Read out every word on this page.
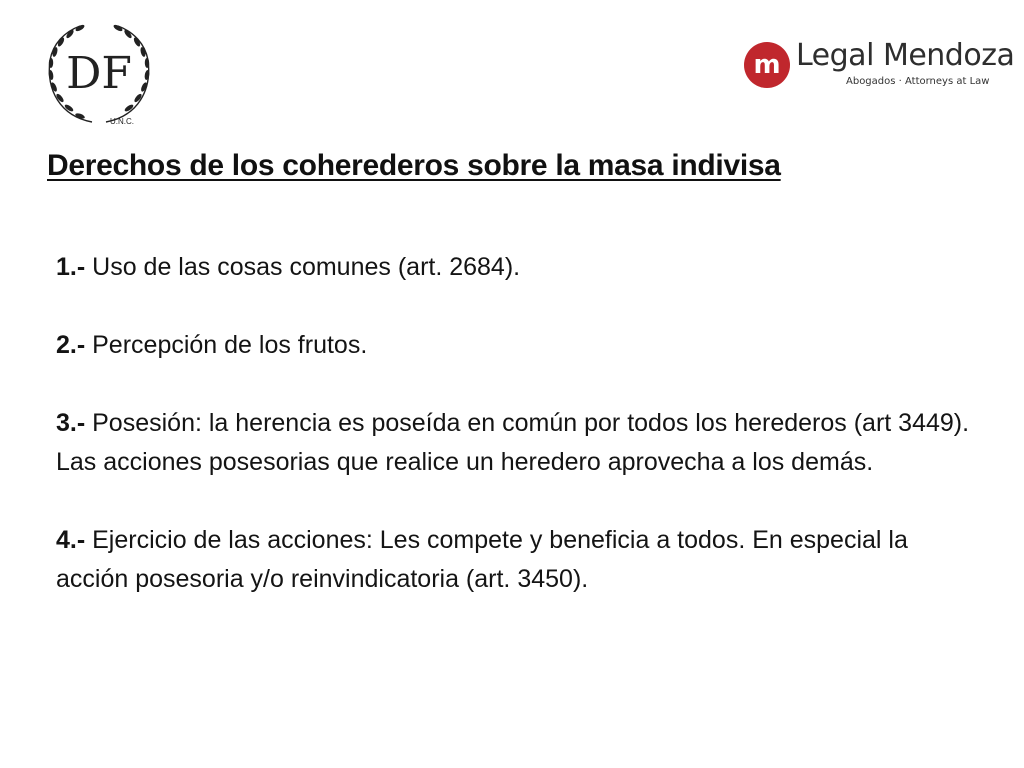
DF
U.N.C.
m Legal Mendoza
Abogados · Attorneys at Law
Derechos de los coherederos sobre la masa indivisa

1.- Uso de las cosas comunes (art. 2684).

2.- Percepción de los frutos.

3.- Posesión: la herencia es poseída en común por todos los herederos (art 3449). Las acciones posesorias que realice un heredero aprovecha a los demás.

4.- Ejercicio de las acciones: Les compete y beneficia a todos. En especial la acción posesoria y/o reinvindicatoria (art. 3450).
